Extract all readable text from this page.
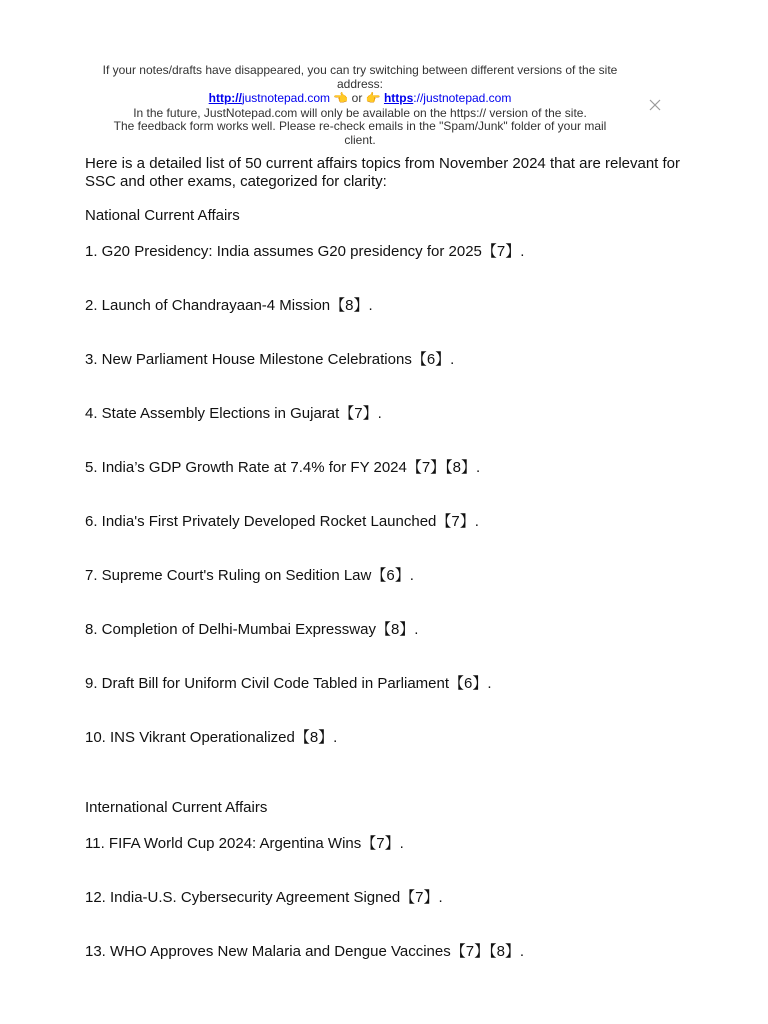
If your notes/drafts have disappeared, you can try switching between different versions of the site address:
http://justnotepad.com 👈 or 👉 https://justnotepad.com
In the future, JustNotepad.com will only be available on the https:// version of the site.
The feedback form works well. Please re-check emails in the "Spam/Junk" folder of your mail client.

Here is a detailed list of 50 current affairs topics from November 2024 that are relevant for SSC and other exams, categorized for clarity:

National Current Affairs

1. G20 Presidency: India assumes G20 presidency for 2025【7】.

2. Launch of Chandrayaan-4 Mission【8】.

3. New Parliament House Milestone Celebrations【6】.

4. State Assembly Elections in Gujarat【7】.

5. India’s GDP Growth Rate at 7.4% for FY 2024【7】【8】.

6. India's First Privately Developed Rocket Launched【7】.

7. Supreme Court's Ruling on Sedition Law【6】.

8. Completion of Delhi-Mumbai Expressway【8】.

9. Draft Bill for Uniform Civil Code Tabled in Parliament【6】.

10. INS Vikrant Operationalized【8】.

International Current Affairs

11. FIFA World Cup 2024: Argentina Wins【7】.

12. India-U.S. Cybersecurity Agreement Signed【7】.

13. WHO Approves New Malaria and Dengue Vaccines【7】【8】.
